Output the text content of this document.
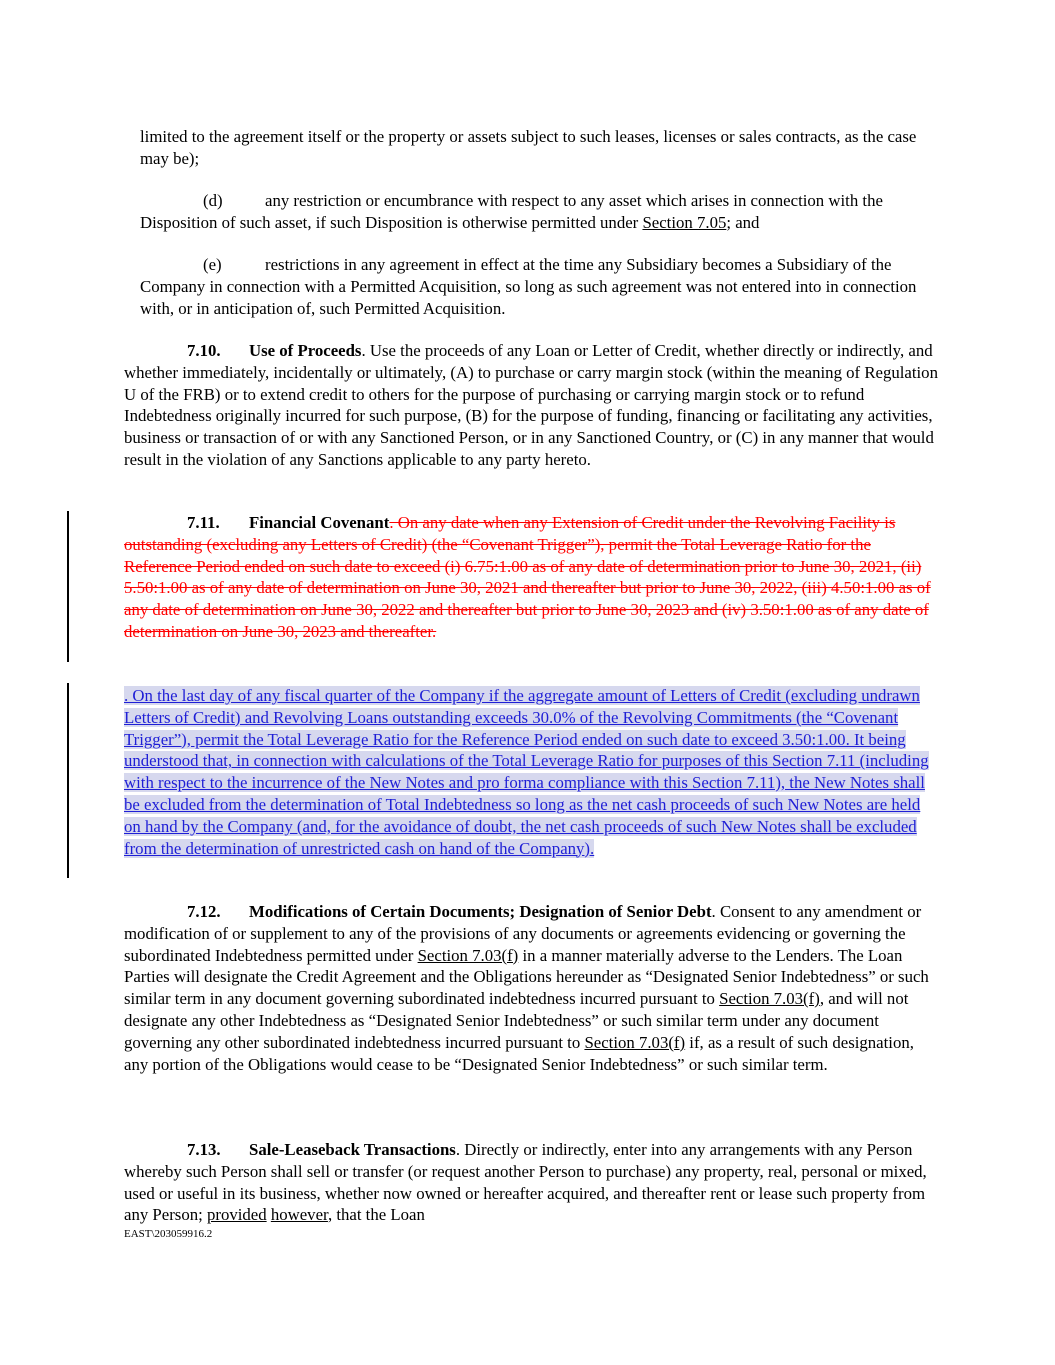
limited to the agreement itself or the property or assets subject to such leases, licenses or sales contracts, as the case may be);

(d)	any restriction or encumbrance with respect to any asset which arises in connection with the Disposition of such asset, if such Disposition is otherwise permitted under Section 7.05; and

(e)	restrictions in any agreement in effect at the time any Subsidiary becomes a Subsidiary of the Company in connection with a Permitted Acquisition, so long as such agreement was not entered into in connection with, or in anticipation of, such Permitted Acquisition.

7.10. Use of Proceeds. Use the proceeds of any Loan or Letter of Credit, whether directly or indirectly, and whether immediately, incidentally or ultimately, (A) to purchase or carry margin stock (within the meaning of Regulation U of the FRB) or to extend credit to others for the purpose of purchasing or carrying margin stock or to refund Indebtedness originally incurred for such purpose, (B) for the purpose of funding, financing or facilitating any activities, business or transaction of or with any Sanctioned Person, or in any Sanctioned Country, or (C) in any manner that would result in the violation of any Sanctions applicable to any party hereto.

7.11. Financial Covenant. On any date when any Extension of Credit under the Revolving Facility is outstanding (excluding any Letters of Credit) (the “Covenant Trigger”), permit the Total Leverage Ratio for the Reference Period ended on such date to exceed (i) 6.75:1.00 as of any date of determination prior to June 30, 2021, (ii) 5.50:1.00 as of any date of determination on June 30, 2021 and thereafter but prior to June 30, 2022, (iii) 4.50:1.00 as of any date of determination on June 30, 2022 and thereafter but prior to June 30, 2023 and (iv) 3.50:1.00 as of any date of determination on June 30, 2023 and thereafter.

. On the last day of any fiscal quarter of the Company if the aggregate amount of Letters of Credit (excluding undrawn Letters of Credit) and Revolving Loans outstanding exceeds 30.0% of the Revolving Commitments (the “Covenant Trigger”), permit the Total Leverage Ratio for the Reference Period ended on such date to exceed 3.50:1.00. It being understood that, in connection with calculations of the Total Leverage Ratio for purposes of this Section 7.11 (including with respect to the incurrence of the New Notes and pro forma compliance with this Section 7.11), the New Notes shall be excluded from the determination of Total Indebtedness so long as the net cash proceeds of such New Notes are held on hand by the Company (and, for the avoidance of doubt, the net cash proceeds of such New Notes shall be excluded from the determination of unrestricted cash on hand of the Company).

7.12. Modifications of Certain Documents; Designation of Senior Debt. Consent to any amendment or modification of or supplement to any of the provisions of any documents or agreements evidencing or governing the subordinated Indebtedness permitted under Section 7.03(f) in a manner materially adverse to the Lenders. The Loan Parties will designate the Credit Agreement and the Obligations hereunder as “Designated Senior Indebtedness” or such similar term in any document governing subordinated indebtedness incurred pursuant to Section 7.03(f), and will not designate any other Indebtedness as “Designated Senior Indebtedness” or such similar term under any document governing any other subordinated indebtedness incurred pursuant to Section 7.03(f) if, as a result of such designation, any portion of the Obligations would cease to be “Designated Senior Indebtedness” or such similar term.

7.13. Sale-Leaseback Transactions. Directly or indirectly, enter into any arrangements with any Person whereby such Person shall sell or transfer (or request another Person to purchase) any property, real, personal or mixed, used or useful in its business, whether now owned or hereafter acquired, and thereafter rent or lease such property from any Person; provided however, that the Loan

EAST\203059916.2
